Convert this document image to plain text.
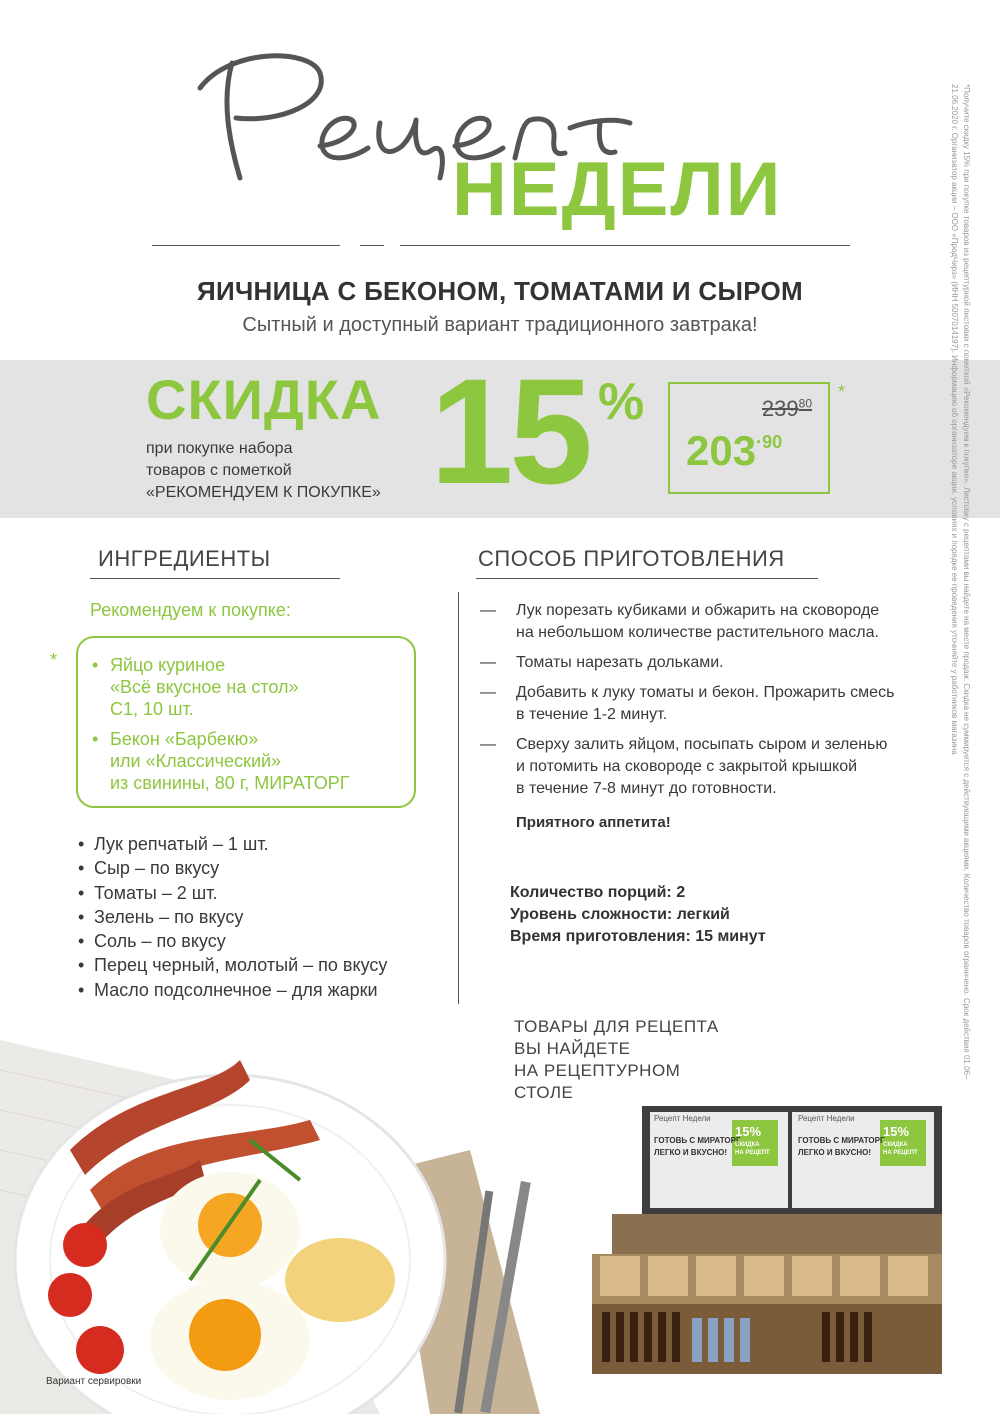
НЕДЕЛИ
ЯИЧНИЦА С БЕКОНОМ, ТОМАТАМИ И СЫРОМ
Сытный и доступный вариант традиционного завтрака!
СКИДКА
при покупке набора
товаров с пометкой
«РЕКОМЕНДУЕМ К ПОКУПКЕ» 15 %	$239^{80}$
$203^{\cdot 90}$
*
ИНГРЕДИЕНТЫ
Рекомендуем к покупке:
*
•	Яйцо куриное
«Всё вкусное на стол»
С1, 10 шт.
• Бекон «Барбекю»
или «Классический»
из свинины, 80 г, МИРАТОРГ
• Лук репчатый – 1 шт.
• Сыр – по вкусу
• Томаты – 2 шт.
• Зелень – по вкусу
• Соль – по вкусу
• Перец черный, молотый – по вкусу
• Масло подсолнечное – для жарки
СПОСОБ ПРИГОТОВЛЕНИЯ
— Лук порезать кубиками и обжарить на сковороде
на небольшом количестве растительного масла.
— Томаты нарезать дольками.
— Добавить к луку томаты и бекон. Прожарить смесь
в течение 1-2 минут.
— Сверху залить яйцом, посыпать сыром и зеленью
и потомить на сковороде с закрытой крышкой
в течение 7-8 минут до готовности.
Приятного аппетита!
Количество порций: 2
Уровень сложности: легкий
Время приготовления: 15 минут
ТОВАРЫ ДЛЯ РЕЦЕПТА
ВЫ НАЙДЕТЕ
НА РЕЦЕПТУРНОМ
СТОЛЕ
*Получите скидку 15% при покупке товаров из рецептурной листовки с пометкой «Рекомендуем к покупке». Листовку с рецептами вы найдете на месте продаж. Скидка не суммируется с действующими акциями. Количество товаров ограничено. Срок действия 01.06–21.06.2020 г. Организатор акции – ООО «ПродЧирз» (ИНН 5007014197). Информацию об организаторе акции, условиях и порядке ее проведения уточняйте у работников магазина
Вариант сервировки
Рецепт Недели
ГОТОВЬ С МИРАТОРГ
ЛЕГКО И ВКУСНО!
15%
СКИДКА
НА РЕЦЕПТ
Рецепт Недели
ГОТОВЬ С МИРАТОРГ
ЛЕГКО И ВКУСНО!
15%
СКИДКА
НА РЕЦЕПТ
